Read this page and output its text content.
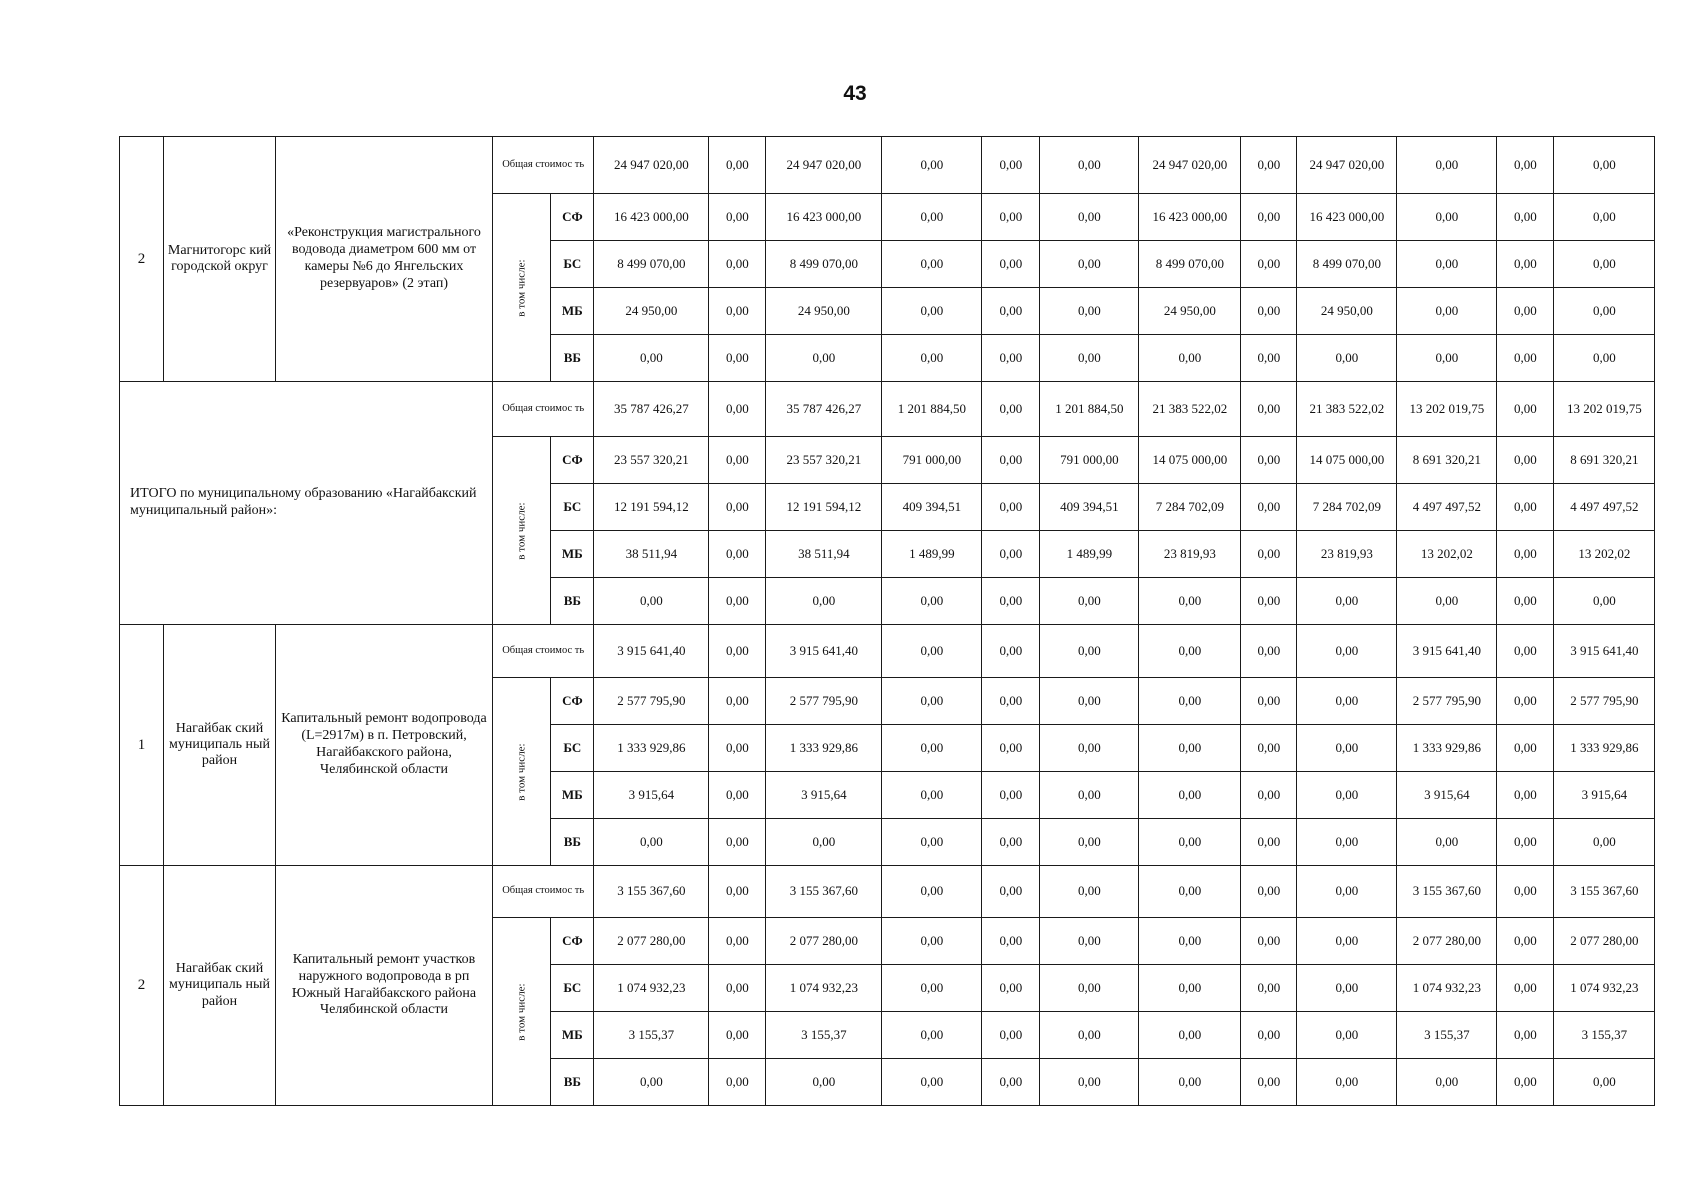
43
2	Магнитогорс кий городской округ	«Реконструкция магистрального водовода диаметром 600 мм от камеры №6 до Янгельских резервуаров» (2 этап)	Общая стоимос ть		24 947 020,00	0,00	24 947 020,00	0,00	0,00	0,00	24 947 020,00	0,00	24 947 020,00	0,00	0,00	0,00
			в том числе:	СФ	16 423 000,00	0,00	16 423 000,00	0,00	0,00	0,00	16 423 000,00	0,00	16 423 000,00	0,00	0,00	0,00
				БС	8 499 070,00	0,00	8 499 070,00	0,00	0,00	0,00	8 499 070,00	0,00	8 499 070,00	0,00	0,00	0,00
				МБ	24 950,00	0,00	24 950,00	0,00	0,00	0,00	24 950,00	0,00	24 950,00	0,00	0,00	0,00
				ВБ	0,00	0,00	0,00	0,00	0,00	0,00	0,00	0,00	0,00	0,00	0,00	0,00
ИТОГО по муниципальному образованию «Нагайбакский муниципальный район»:			Общая стоимос ть		35 787 426,27	0,00	35 787 426,27	1 201 884,50	0,00	1 201 884,50	21 383 522,02	0,00	21 383 522,02	13 202 019,75	0,00	13 202 019,75
			в том числе:	СФ	23 557 320,21	0,00	23 557 320,21	791 000,00	0,00	791 000,00	14 075 000,00	0,00	14 075 000,00	8 691 320,21	0,00	8 691 320,21
				БС	12 191 594,12	0,00	12 191 594,12	409 394,51	0,00	409 394,51	7 284 702,09	0,00	7 284 702,09	4 497 497,52	0,00	4 497 497,52
				МБ	38 511,94	0,00	38 511,94	1 489,99	0,00	1 489,99	23 819,93	0,00	23 819,93	13 202,02	0,00	13 202,02
				ВБ	0,00	0,00	0,00	0,00	0,00	0,00	0,00	0,00	0,00	0,00	0,00	0,00
1	Нагайбак ский муниципаль ный район	Капитальный ремонт водопровода (L=2917м) в п. Петровский, Нагайбакского района, Челябинской области	Общая стоимос ть		3 915 641,40	0,00	3 915 641,40	0,00	0,00	0,00	0,00	0,00	0,00	3 915 641,40	0,00	3 915 641,40
			в том числе:	СФ	2 577 795,90	0,00	2 577 795,90	0,00	0,00	0,00	0,00	0,00	0,00	2 577 795,90	0,00	2 577 795,90
				БС	1 333 929,86	0,00	1 333 929,86	0,00	0,00	0,00	0,00	0,00	0,00	1 333 929,86	0,00	1 333 929,86
				МБ	3 915,64	0,00	3 915,64	0,00	0,00	0,00	0,00	0,00	0,00	3 915,64	0,00	3 915,64
				ВБ	0,00	0,00	0,00	0,00	0,00	0,00	0,00	0,00	0,00	0,00	0,00	0,00
2	Нагайбак ский муниципаль ный район	Капитальный ремонт участков наружного водопровода в рп Южный Нагайбакского района Челябинской области	Общая стоимос ть		3 155 367,60	0,00	3 155 367,60	0,00	0,00	0,00	0,00	0,00	0,00	3 155 367,60	0,00	3 155 367,60
			в том числе:	СФ	2 077 280,00	0,00	2 077 280,00	0,00	0,00	0,00	0,00	0,00	0,00	2 077 280,00	0,00	2 077 280,00
				БС	1 074 932,23	0,00	1 074 932,23	0,00	0,00	0,00	0,00	0,00	0,00	1 074 932,23	0,00	1 074 932,23
				МБ	3 155,37	0,00	3 155,37	0,00	0,00	0,00	0,00	0,00	0,00	3 155,37	0,00	3 155,37
				ВБ	0,00	0,00	0,00	0,00	0,00	0,00	0,00	0,00	0,00	0,00	0,00	0,00
